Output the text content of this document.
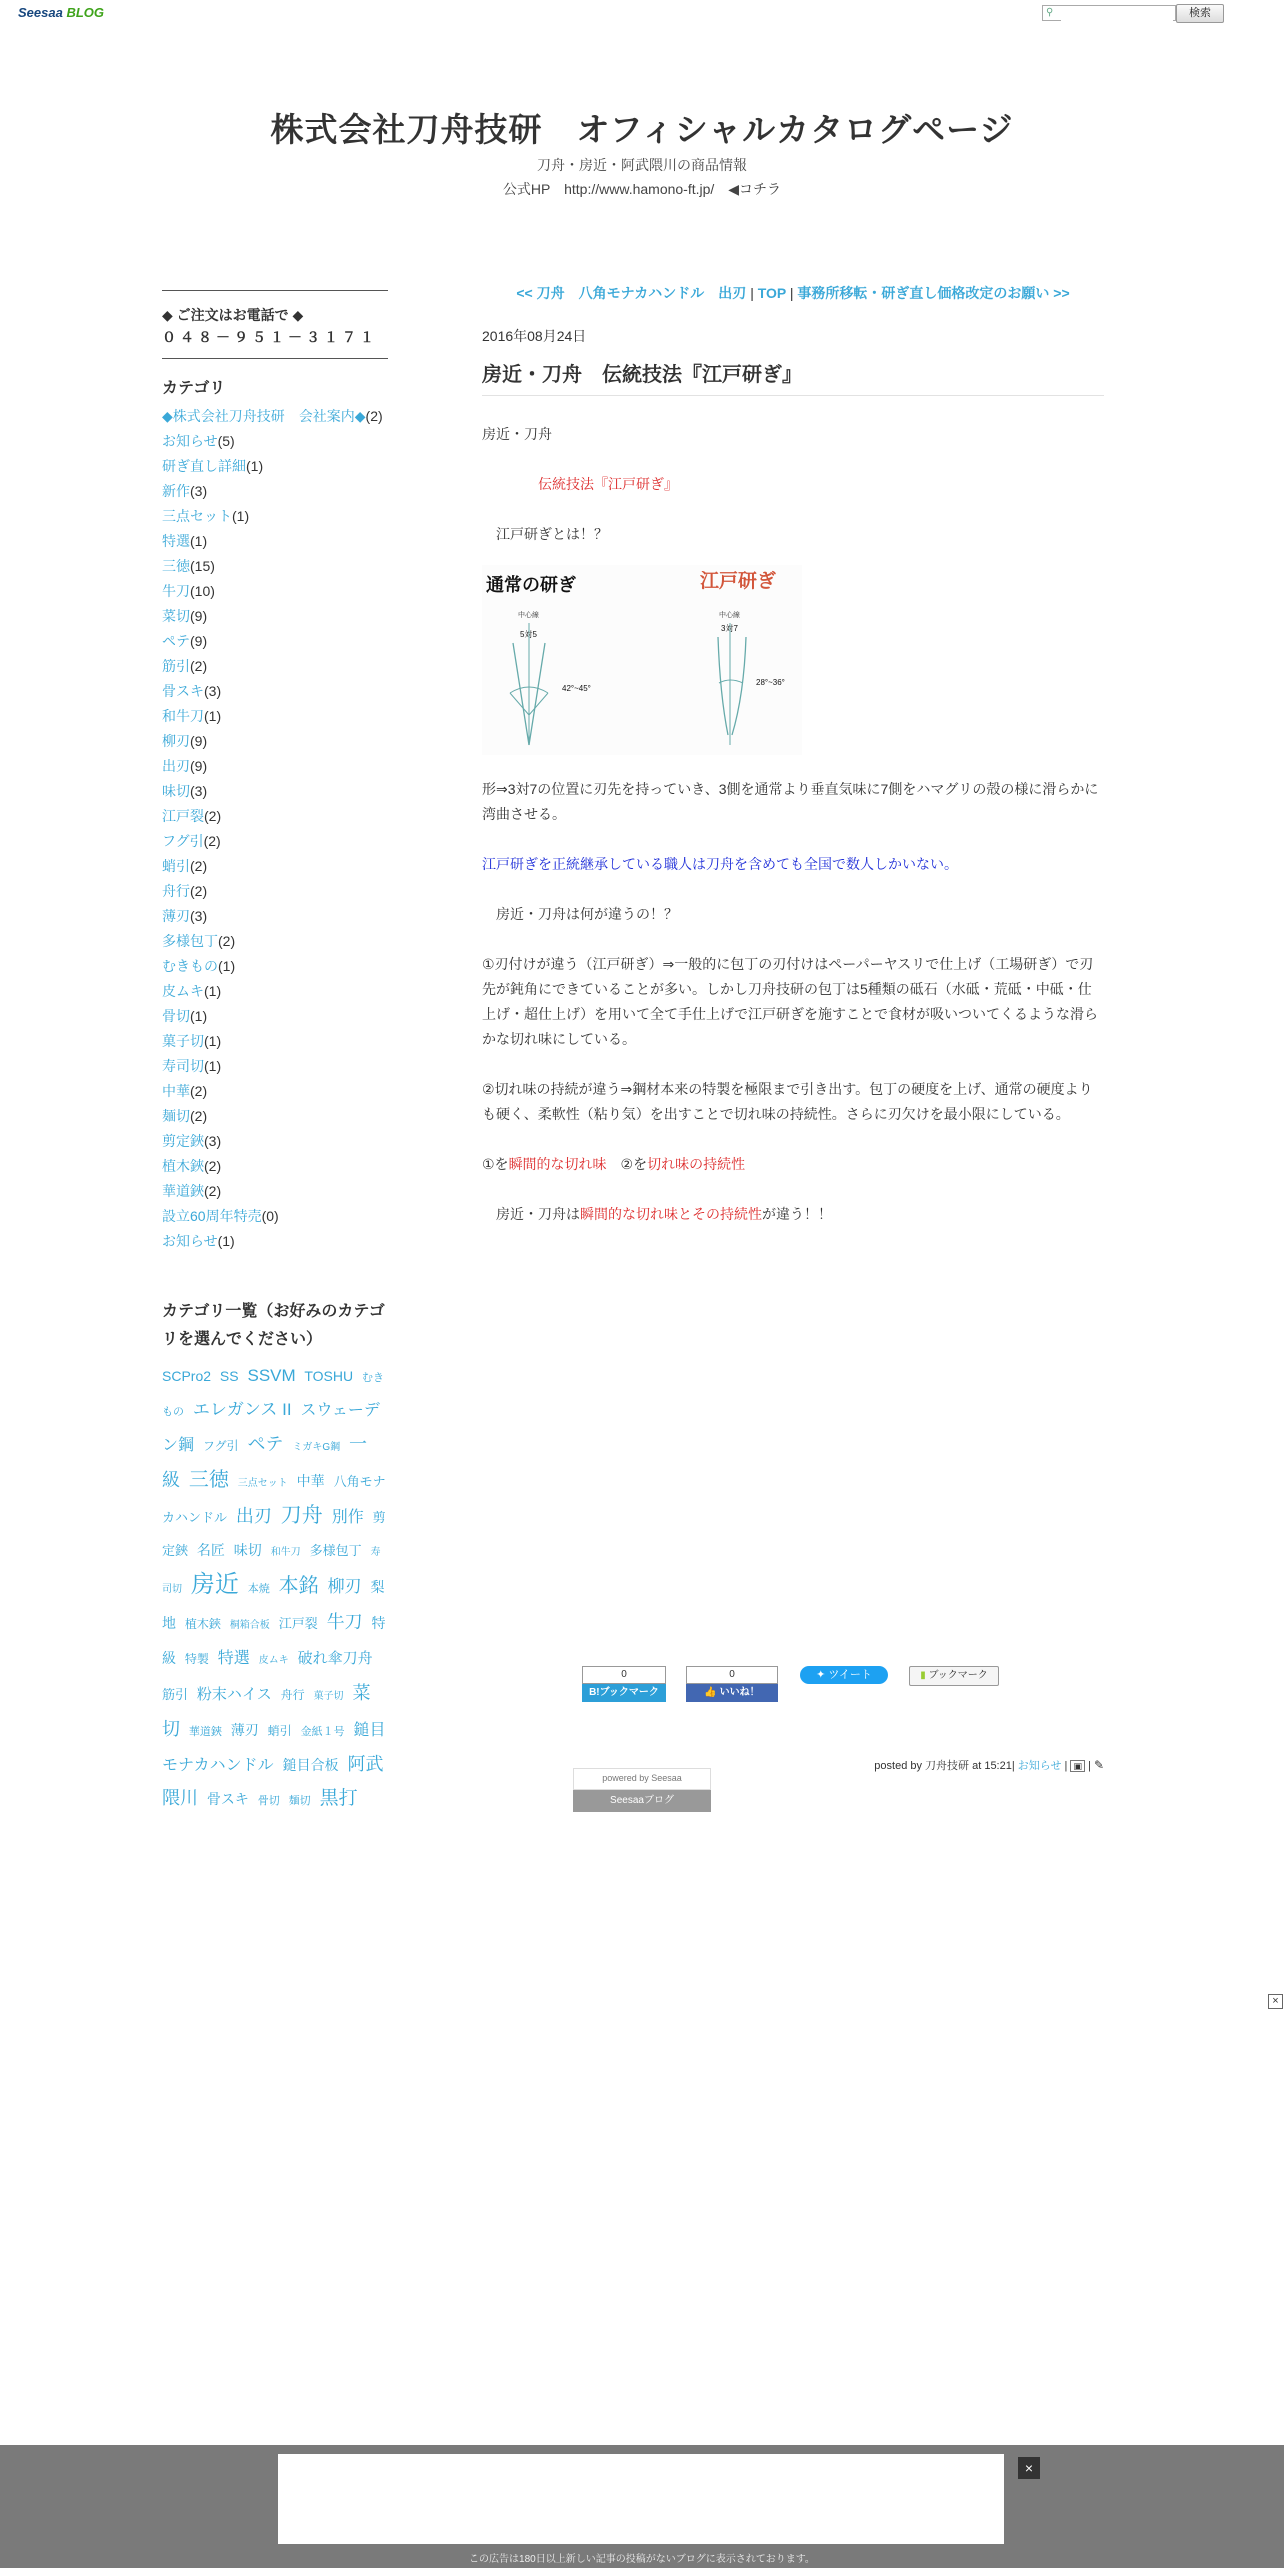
Seesaa BLOG	⚲	検索
株式会社刀舟技研　オフィシャルカタログページ
刀舟・房近・阿武隈川の商品情報
公式HP　http://www.hamono-ft.jp/　◀コチラ
◆ ご注文はお電話で ◆
０４８－９５１－３１７１
カテゴリ
◆株式会社刀舟技研　会社案内◆(2)
お知らせ(5)
研ぎ直し詳細(1)
新作(3)
三点セット(1)
特選(1)
三徳(15)
牛刀(10)
菜切(9)
ペテ(9)
筋引(2)
骨スキ(3)
和牛刀(1)
柳刃(9)
出刃(9)
味切(3)
江戸裂(2)
フグ引(2)
蛸引(2)
舟行(2)
薄刃(3)
多様包丁(2)
むきもの(1)
皮ムキ(1)
骨切(1)
菓子切(1)
寿司切(1)
中華(2)
麺切(2)
剪定鋏(3)
植木鋏(2)
華道鋏(2)
設立60周年特売(0)
お知らせ(1)
カテゴリ一覧（お好みのカテゴリを選んでください）
SCPro2 SS SSVM TOSHU むきもの エレガンス II スウェーデン鋼 フグ引 ペテ ミガキG鋼 一級 三徳 三点セット 中華 八角モナカハンドル 出刃 刀舟 別作 剪定鋏 名匠 味切 和牛刀 多様包丁 寿司切 房近 本焼 本銘 柳刃 梨地 植木鋏 桐箱合板 江戸裂 牛刀 特級 特製 特選 皮ムキ 破れ傘刀舟 筋引 粉末ハイス 舟行 菓子切 菜切 華道鋏 薄刃 蛸引 金紙１号 鎚目モナカハンドル 鎚目合板 阿武隈川 骨スキ 骨切 麺切 黒打
<< 刀舟　八角モナカハンドル　出刃 | TOP | 事務所移転・研ぎ直し価格改定のお願い >>
2016年08月24日
房近・刀舟　伝統技法『江戸研ぎ』
房近・刀舟
伝統技法『江戸研ぎ』
江戸研ぎとは！？
通常の研ぎ	江戸研ぎ
中心線
5対5
42°~45°
中心線
3対7
28°~36°
形⇒3対7の位置に刃先を持っていき、3側を通常より垂直気味に7側をハマグリの殻の様に滑らかに湾曲させる。
江戸研ぎを正統継承している職人は刀舟を含めても全国で数人しかいない。
房近・刀舟は何が違うの！？
①刃付けが違う（江戸研ぎ）⇒一般的に包丁の刃付けはペーパーヤスリで仕上げ（工場研ぎ）で刃先が鈍角にできていることが多い。しかし刀舟技研の包丁は5種類の砥石（水砥・荒砥・中砥・仕上げ・超仕上げ）を用いて全て手仕上げで江戸研ぎを施すことで食材が吸いついてくるような滑らかな切れ味にしている。
②切れ味の持続が違う⇒鋼材本来の特製を極限まで引き出す。包丁の硬度を上げ、通常の硬度よりも硬く、柔軟性（粘り気）を出すことで切れ味の持続性。さらに刃欠けを最小限にしている。
①を瞬間的な切れ味　②を切れ味の持続性
房近・刀舟は瞬間的な切れ味とその持続性が違う！！
0
B!ブックマーク
0
👍 いいね！
✦ ツイート	▮ ブックマーク
posted by 刀舟技研 at 15:21| お知らせ | ▣ | ✎
powered by Seesaa
Seesaaブログ
×
×
この広告は180日以上新しい記事の投稿がないブログに表示されております。
